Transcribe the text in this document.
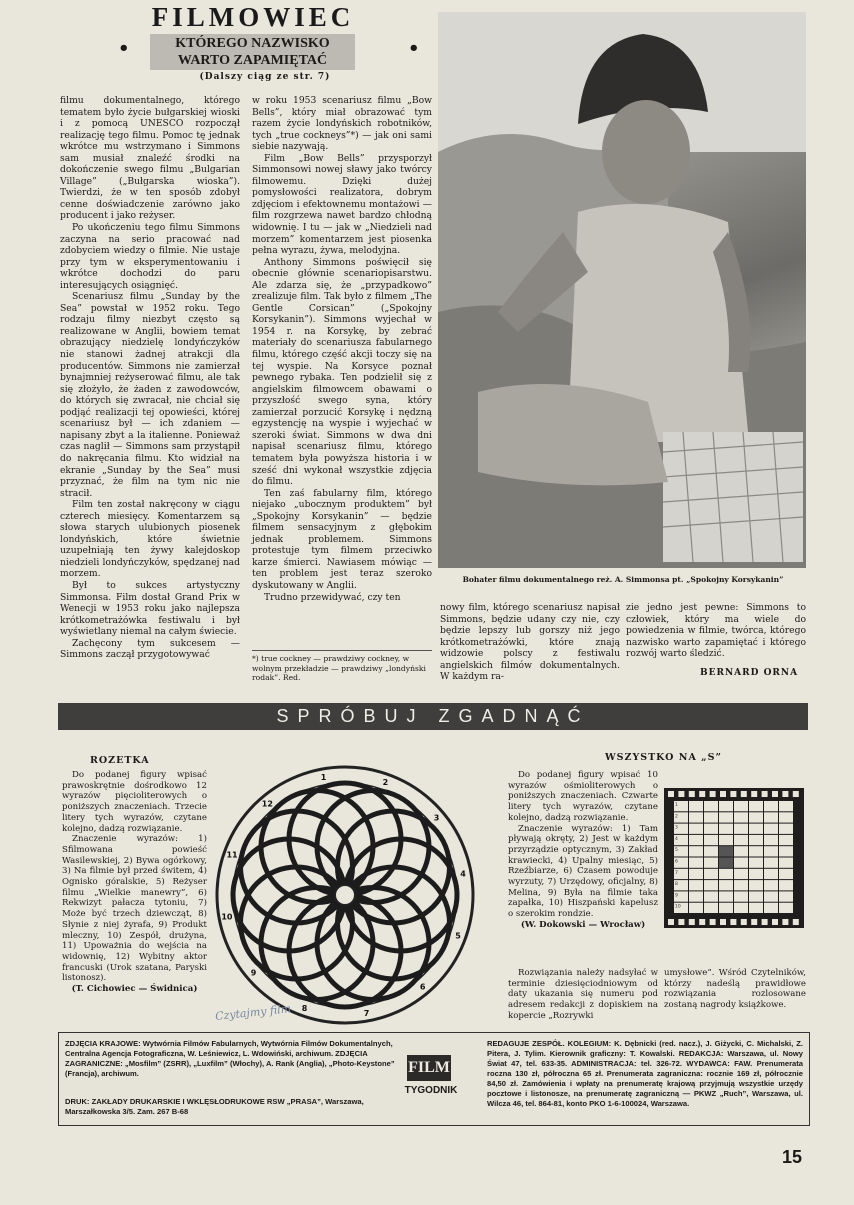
FILMOWIEC
•	•
KTÓREGO NAZWISKO
WARTO ZAPAMIĘTAĆ
(Dalszy ciąg ze str. 7)

filmu dokumentalnego, którego tematem było życie bułgarskiej wioski i z pomocą UNESCO rozpoczął realizację tego filmu. Pomoc tę jednak wkrótce mu wstrzymano i Simmons sam musiał znaleźć środki na dokończenie swego filmu „Bulgarian Village” („Bułgarska wioska”). Twierdzi, że w ten sposób zdobył cenne doświadczenie zarówno jako producent i jako reżyser.

Po ukończeniu tego filmu Simmons zaczyna na serio pracować nad zdobyciem wiedzy o filmie. Nie ustaje przy tym w eksperymentowaniu i wkrótce dochodzi do paru interesujących osiągnięć.

Scenariusz filmu „Sunday by the Sea” powstał w 1952 roku. Tego rodzaju filmy niezbyt często są realizowane w Anglii, bowiem temat obrazujący niedzielę londyńczyków nie stanowi żadnej atrakcji dla producentów. Simmons nie zamierzał bynajmniej reżyserować filmu, ale tak się złożyło, że żaden z zawodowców, do których się zwracał, nie chciał się podjąć realizacji tej opowieści, której scenariusz był — ich zdaniem — napisany zbyt a la italienne. Ponieważ czas naglił — Simmons sam przystąpił do nakręcania filmu. Kto widział na ekranie „Sunday by the Sea” musi przyznać, że film na tym nic nie stracił.

Film ten został nakręcony w ciągu czterech miesięcy. Komentarzem są słowa starych ulubionych piosenek londyńskich, które świetnie uzupełniają ten żywy kalejdoskop niedzieli londyńczyków, spędzanej nad morzem.

Był to sukces artystyczny Simmonsa. Film dostał Grand Prix w Wenecji w 1953 roku jako najlepsza krótkometrażówka festiwalu i był wyświetlany niemal na całym świecie.

Zachęcony tym sukcesem — Simmons zaczął przygotowywać

w roku 1953 scenariusz filmu „Bow Bells”, który miał obrazować tym razem życie londyńskich robotników, tych „true cockneys”*) — jak oni sami siebie nazywają.

Film „Bow Bells” przysporzył Simmonsowi nowej sławy jako twórcy filmowemu. Dzięki dużej pomysłowości realizatora, dobrym zdjęciom i efektownemu montażowi — film rozgrzewa nawet bardzo chłodną widownię. I tu — jak w „Niedzieli nad morzem” komentarzem jest piosenka pełna wyrazu, żywa, melodyjna.

Anthony Simmons poświęcił się obecnie głównie scenariopisarstwu. Ale zdarza się, że „przypadkowo” zrealizuje film. Tak było z filmem „The Gentle Corsican” („Spokojny Korsykanin”). Simmons wyjechał w 1954 r. na Korsykę, by zebrać materiały do scenariusza fabularnego filmu, którego część akcji toczy się na tej wyspie. Na Korsyce poznał pewnego rybaka. Ten podzielił się z angielskim filmowcem obawami o przyszłość swego syna, który zamierzał porzucić Korsykę i nędzną egzystencję na wyspie i wyjechać w szeroki świat. Simmons w dwa dni napisał scenariusz filmu, którego tematem była powyższa historia i w sześć dni wykonał wszystkie zdjęcia do filmu.

Ten zaś fabularny film, którego niejako „ubocznym produktem” był „Spokojny Korsykanin” — będzie filmem sensacyjnym z głębokim jednak problemem. Simmons protestuje tym filmem przeciwko karze śmierci. Nawiasem mówiąc — ten problem jest teraz szeroko dyskutowany w Anglii.

Trudno przewidywać, czy ten

*) true cockney — prawdziwy cockney, w wolnym przekładzie — prawdziwy „londyński rodak”. Red.
Bohater filmu dokumentalnego reż. A. Simmonsa pt. „Spokojny Korsykanin”

nowy film, którego scenariusz napisał Simmons, będzie udany czy nie, czy będzie lepszy lub gorszy niż jego krótkometrażówki, które znają widzowie polscy z festiwalu angielskich filmów dokumentalnych. W każdym ra-

zie jedno jest pewne: Simmons to człowiek, który ma wiele do powiedzenia w filmie, twórca, którego nazwisko warto zapamiętać i którego rozwój warto śledzić.

BERNARD ORNA
SPRÓBUJ ZGADNĄĆ
ROZETKA

Do podanej figury wpisać prawoskrętnie dośrodkowo 12 wyrazów pięcioliterowych o poniższych znaczeniach. Trzecie litery tych wyrazów, czytane kolejno, dadzą rozwiązanie.

Znaczenie wyrazów: 1) Sfilmowana powieść Wasilewskiej, 2) Bywa ogórkowy, 3) Na filmie był przed świtem, 4) Ognisko góralskie, 5) Reżyser filmu „Wielkie manewry”, 6) Rekwizyt pałacza tytoniu, 7) Może być trzech dziewcząt, 8) Słynie z niej żyrafa, 9) Produkt mleczny, 10) Zespół, drużyna, 11) Upoważnia do wejścia na widownię, 12) Wybitny aktor francuski (Urok szatana, Paryski listonosz).

(T. Cichowiec — Świdnica)

1
2
3
4
5
6
7
8
9
10
11
12
Czytajmy film
WSZYSTKO NA „S”

Do podanej figury wpisać 10 wyrazów ośmioliterowych o poniższych znaczeniach. Czwarte litery tych wyrazów, czytane kolejno, dadzą rozwiązanie.

Znaczenie wyrazów: 1) Tam pływają okręty, 2) Jest w każdym przyrządzie optycznym, 3) Zakład krawiecki, 4) Upalny miesiąc, 5) Rzeźbiarze, 6) Czasem powoduje wyrzuty, 7) Urzędowy, oficjalny, 8) Melina, 9) Była na filmie taka zapałka, 10) Hiszpański kapelusz o szerokim rondzie.

(W. Dokowski — Wrocław)

1
2
3
4
5
6
7
8
9
10

Rozwiązania należy nadsyłać w terminie dziesięciodniowym od daty ukazania się numeru pod adresem redakcji z dopiskiem na kopercie „Rozrywki

umysłowe”. Wśród Czytelników, którzy nadeślą prawidłowe rozwiązania rozlosowane zostaną nagrody książkowe.

ZDJĘCIA KRAJOWE: Wytwórnia Filmów Fabularnych, Wytwórnia Filmów Dokumentalnych, Centralna Agencja Fotograficzna, W. Leśniewicz, L. Wdowiński, archiwum. ZDJĘCIA ZAGRANICZNE: „Mosfilm” (ZSRR), „Luxfilm” (Włochy), A. Rank (Anglia), „Photo-Keystone” (Francja), archiwum.
DRUK: ZAKŁADY DRUKARSKIE I WKLĘSŁODRUKOWE RSW „PRASA”, Warszawa, Marszałkowska 3/5. Zam. 267 B-68
FILM
TYGODNIK
REDAGUJE ZESPÓŁ. KOLEGIUM: K. Dębnicki (red. nacz.), J. Giżycki, C. Michalski, Z. Pitera, J. Tylim. Kierownik graficzny: T. Kowalski. REDAKCJA: Warszawa, ul. Nowy Świat 47, tel. 633-35. ADMINISTRACJA: tel. 326-72. WYDAWCA: FAW. Prenumerata roczna 130 zł, półroczna 65 zł. Prenumerata zagraniczna: rocznie 169 zł, półrocznie 84,50 zł. Zamówienia i wpłaty na prenumeratę krajową przyjmują wszystkie urzędy pocztowe i listonosze, na prenumeratę zagraniczną — PKWZ „Ruch”, Warszawa, ul. Wilcza 46, tel. 864-81, konto PKO 1-6-100024, Warszawa.
15
